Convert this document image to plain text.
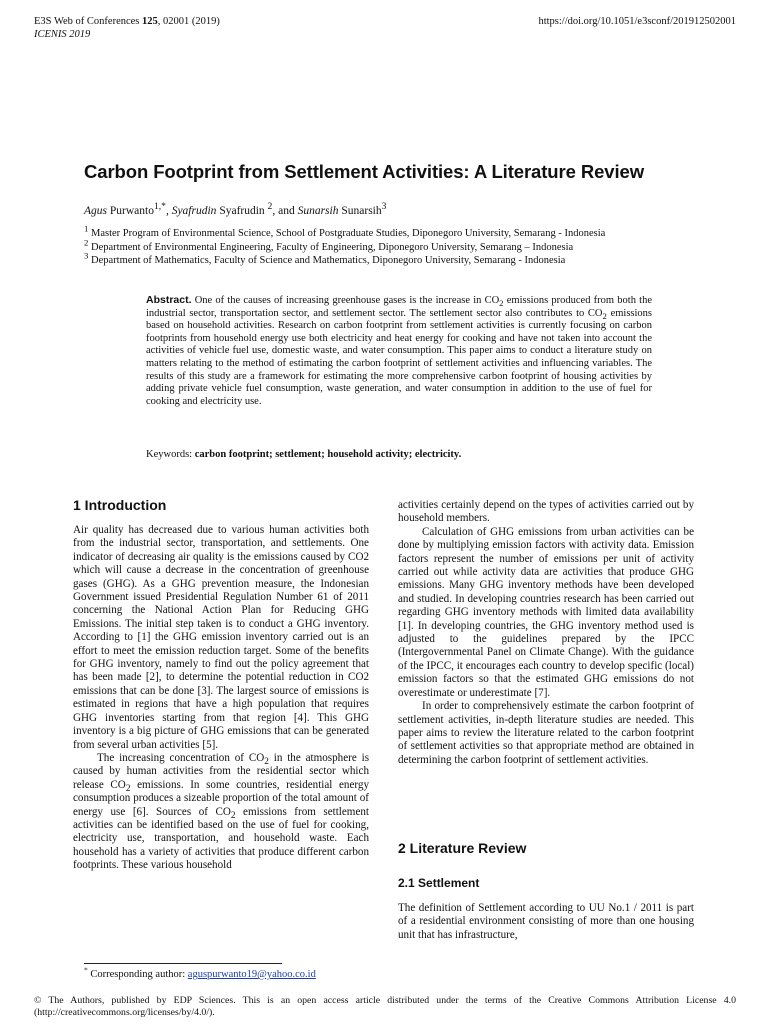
E3S Web of Conferences 125, 02001 (2019)
ICENIS 2019
https://doi.org/10.1051/e3sconf/201912502001
Carbon Footprint from Settlement Activities: A Literature Review
Agus Purwanto$^{1,*}$, Syafrudin Syafrudin $^2$, and Sunarsih Sunarsih$^3$
$^1$ Master Program of Environmental Science, School of Postgraduate Studies, Diponegoro University, Semarang - Indonesia
$^2$ Department of Environmental Engineering, Faculty of Engineering, Diponegoro University, Semarang – Indonesia
$^3$ Department of Mathematics, Faculty of Science and Mathematics, Diponegoro University, Semarang - Indonesia
Abstract. One of the causes of increasing greenhouse gases is the increase in $CO_2$ emissions produced from both the industrial sector, transportation sector, and settlement sector. The settlement sector also contributes to $CO_2$ emissions based on household activities. Research on carbon footprint from settlement activities is currently focusing on carbon footprints from household energy use both electricity and heat energy for cooking and have not taken into account the activities of vehicle fuel use, domestic waste, and water consumption. This paper aims to conduct a literature study on matters relating to the method of estimating the carbon footprint of settlement activities and influencing variables. The results of this study are a framework for estimating the more comprehensive carbon footprint of housing activities by adding private vehicle fuel consumption, waste generation, and water consumption in addition to the use of fuel for cooking and electricity use.
Keywords: carbon footprint; settlement; household activity; electricity.
1 Introduction

Air quality has decreased due to various human activities both from the industrial sector, transportation, and settlements. One indicator of decreasing air quality is the emissions caused by CO2 which will cause a decrease in the concentration of greenhouse gases (GHG). As a GHG prevention measure, the Indonesian Government issued Presidential Regulation Number 61 of 2011 concerning the National Action Plan for Reducing GHG Emissions. The initial step taken is to conduct a GHG inventory. According to [1] the GHG emission inventory carried out is an effort to meet the emission reduction target. Some of the benefits for GHG inventory, namely to find out the policy agreement that has been made [2], to determine the potential reduction in CO2 emissions that can be done [3]. The largest source of emissions is estimated in regions that have a high population that requires GHG inventories starting from that region [4]. This GHG inventory is a big picture of GHG emissions that can be generated from several urban activities [5].

The increasing concentration of $CO_2$ in the atmosphere is caused by human activities from the residential sector which release $CO_2$ emissions. In some countries, residential energy consumption produces a sizeable proportion of the total amount of energy use [6]. Sources of $CO_2$ emissions from settlement activities can be identified based on the use of fuel for cooking, electricity use, transportation, and household waste. Each household has a variety of activities that produce different carbon footprints. These various household

activities certainly depend on the types of activities carried out by household members.

Calculation of GHG emissions from urban activities can be done by multiplying emission factors with activity data. Emission factors represent the number of emissions per unit of activity carried out while activity data are activities that produce GHG emissions. Many GHG inventory methods have been developed and studied. In developing countries research has been carried out regarding GHG inventory methods with limited data availability [1]. In developing countries, the GHG inventory method used is adjusted to the guidelines prepared by the IPCC (Intergovernmental Panel on Climate Change). With the guidance of the IPCC, it encourages each country to develop specific (local) emission factors so that the estimated GHG emissions do not overestimate or underestimate [7].

In order to comprehensively estimate the carbon footprint of settlement activities, in-depth literature studies are needed. This paper aims to review the literature related to the carbon footprint of settlement activities so that appropriate method are obtained in determining the carbon footprint of settlement activities.

2 Literature Review
2.1 Settlement

The definition of Settlement according to UU No.1 / 2011 is part of a residential environment consisting of more than one housing unit that has infrastructure,

* Corresponding author: aguspurwanto19@yahoo.co.id
© The Authors, published by EDP Sciences. This is an open access article distributed under the terms of the Creative Commons Attribution License 4.0 (http://creativecommons.org/licenses/by/4.0/).
